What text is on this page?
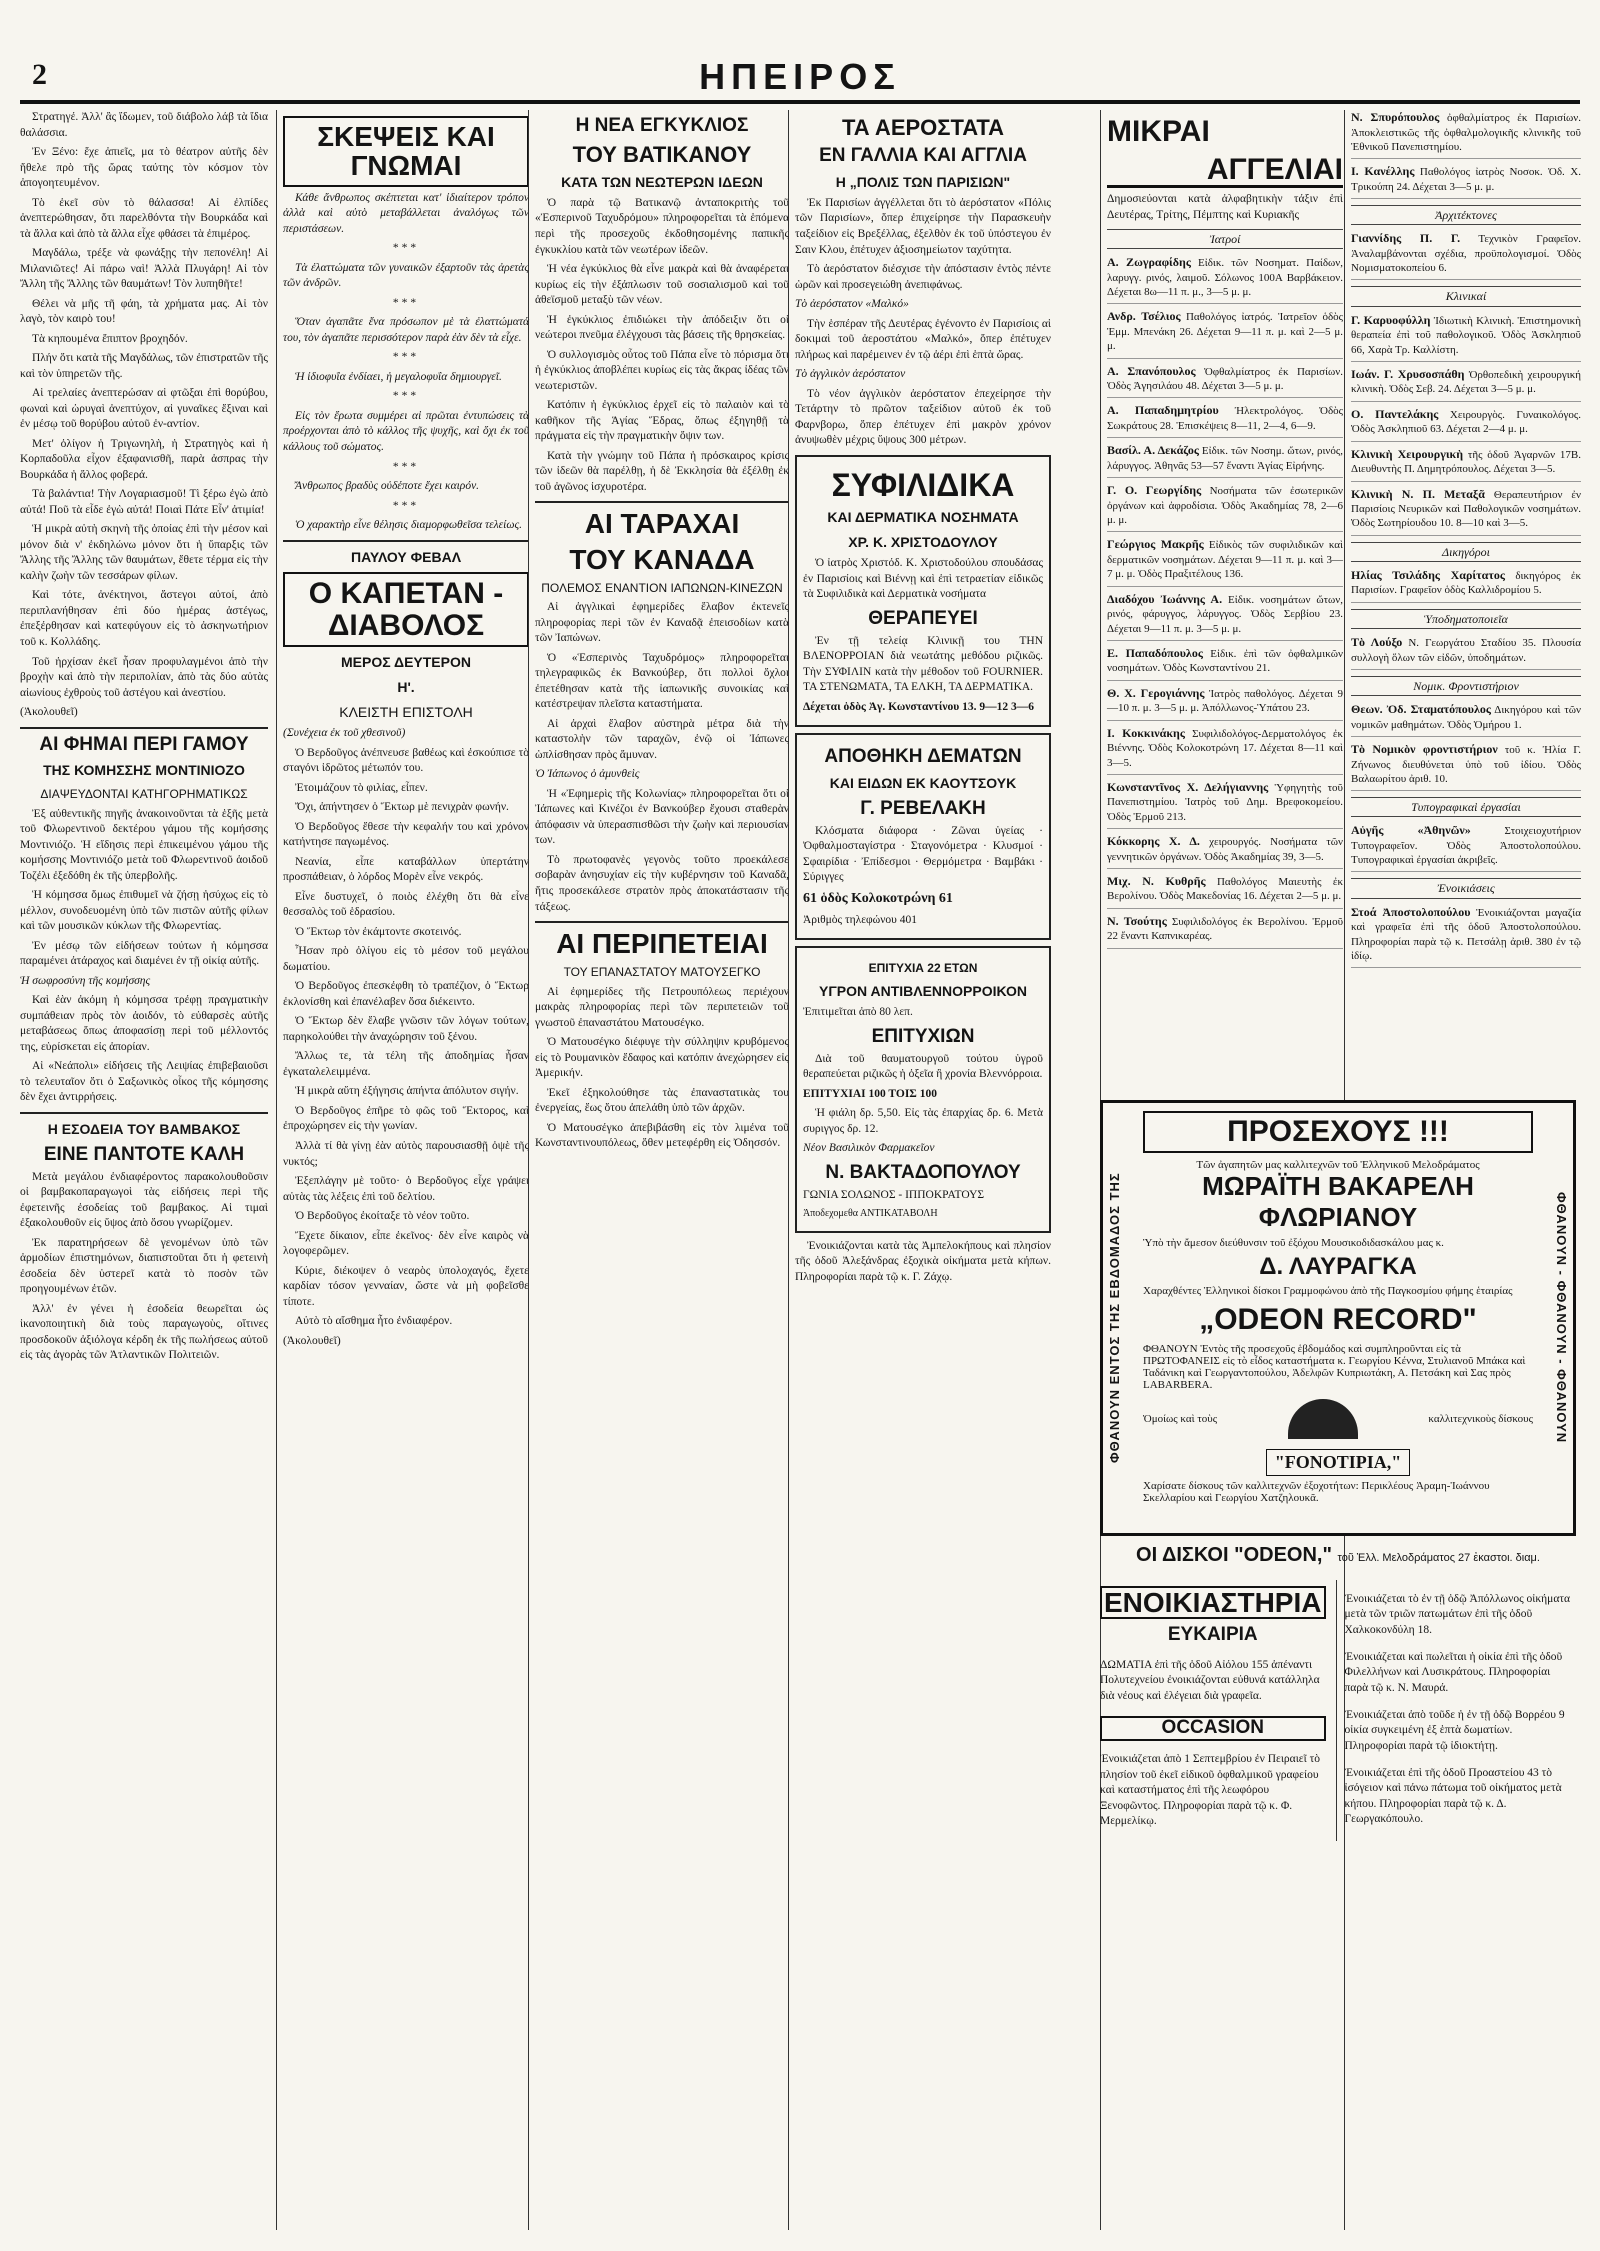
2	ΗΠΕΙΡΟΣ

Στρατηγέ. Ἀλλ' ἂς ἴδωμεν, τοῦ διάβολο λάβ τὰ ἴδια θαλάσσια.

Ἐν Ξένο: ἔχε ἀπιεῖς, μα τὸ θέατρον αὐτῆς δὲν ἤθελε πρὸ τῆς ὥρας ταύτης τὸν κόσμον τὸν ἀπογοητευμένον.

Τὸ ἐκεῖ σὺν τὸ θάλασσα! Αἱ ἐλπίδες ἀνεπτερώθησαν, ὅτι παρελθόντα τὴν Βουρκάδα καὶ τὰ ἄλλα καὶ ἀπὸ τὰ ἄλλα εἶχε φθάσει τὰ ἐπιμέρος.

Μαγδάλω, τρέξε νὰ φωνάξῃς τὴν πεπονέλη! Αἱ Μιλανιῶτες! Αἱ πάρω ναὶ! Ἀλλὰ Πλυγάρη! Αἱ τὸν Ἄλλη τῆς Ἄλλης τῶν θαυμάτων! Τὸν λυπηθῆτε!

Θέλει νὰ μῆς τῆ φάη, τὰ χρήματα μας. Αἱ τὸν λαγὸ, τὸν καιρὸ του!

Τὰ κηπουμένα ἔπιπτον βροχηδόν.

Πλήν ὅτι κατὰ τῆς Μαγδάλως, τῶν ἐπιστρατῶν τῆς καὶ τὸν ὑπηρετῶν τῆς.

Αἱ τρελαίες ἀνεπτερώσαν αἱ φτῶξαι ἐπὶ θορύβου, φωναὶ καὶ ὠρυγαὶ ἀνεπτύχον, αἱ γυναῖκες ἔξιναι καὶ ἐν μέσῳ τοῦ θορύβου αὐτοῦ ἐν-αντίον.

Μετ' ὀλίγον ἡ Τριγωνηλὴ, ἡ Στρατηγὸς καὶ ἡ Κορπαδοῦλα εἶχον ἐξαφανισθῆ, παρὰ ἀσπρας τὴν Βουρκάδα ἡ ἄλλος φοβερά.

Τὰ βαλάντια! Τὴν Λογαριασμοῦ! Τὶ ξέρω ἐγὼ ἀπὸ αὐτά! Ποῦ τὰ εἶδε ἐγὼ αὐτά! Ποιαὶ Πάτε Εἶν' ἀτιμία!

Ἡ μικρὰ αὐτὴ σκηνὴ τῆς ὁποίας ἐπὶ τὴν μέσον καὶ μόνον διὰ ν' ἐκδηλώνω μόνον ὅτι ἡ ὕπαρξις τῶν Ἄλλης τῆς Ἄλλης τῶν θαυμάτων, ἔθετε τέρμα εἰς τὴν καλὴν ζωὴν τῶν τεσσάρων φίλων.

Καὶ τότε, ἀνέκτηνοι, ἄστεγοι αὐτοί, ἀπὸ περιπλανήθησαν ἐπὶ δύο ἡμέρας ἀστέγως, ἐπεξέρθησαν καὶ κατεφύγουν εἰς τὸ ἀσκηνωτήριον τοῦ κ. Κολλάδης.

Τοῦ ἠρχίσαν ἐκεῖ ἦσαν προφυλαγμένοι ἀπὸ τὴν βροχὴν καὶ ἀπὸ τὴν περιπολίαν, ἀπὸ τὰς δύο αὐτὰς αἰωνίους ἐχθροὺς τοῦ ἀστέγου καὶ ἀνεστίου.

(Ἀκολουθεῖ)

ΑΙ ΦΗΜΑΙ ΠΕΡΙ ΓΑΜΟΥ
ΤΗΣ ΚΟΜΗΣΣΗΣ ΜΟΝΤΙΝΙΟΖΟ
ΔΙΑΨΕΥΔΟΝΤΑΙ ΚΑΤΗΓΟΡΗΜΑΤΙΚΩΣ

Ἐξ αὐθεντικῆς πηγῆς ἀνακοινοῦνται τὰ ἑξῆς μετὰ τοῦ Φλωρεντινοῦ δεκτέρου γάμου τῆς κομήσσης Μοντινιόζο. Ἡ εἴδησις περὶ ἐπικειμένου γάμου τῆς κομήσσης Μοντινιόζο μετὰ τοῦ Φλωρεντινοῦ ἀοιδοῦ Τοζέλι ἐξεδόθη ἐκ τῆς ὑπερβολῆς.

Ἡ κόμησσα ὅμως ἐπιθυμεῖ νὰ ζήσῃ ἡσύχως εἰς τὸ μέλλον, συνοδευομένη ὑπὸ τῶν πιστῶν αὐτῆς φίλων καὶ τῶν μουσικῶν κύκλων τῆς Φλωρεντίας.

Ἐν μέσῳ τῶν εἰδήσεων τούτων ἡ κόμησσα παραμένει ἀτάραχος καὶ διαμένει ἐν τῇ οἰκίᾳ αὐτῆς.

Ἡ σωφροσύνη τῆς κομήσσης

Καὶ ἐὰν ἀκόμη ἡ κόμησσα τρέφῃ πραγματικὴν συμπάθειαν πρὸς τὸν ἀοιδόν, τὸ εὐθαρσὲς αὐτῆς μεταβάσεως ὅπως ἀποφασίσῃ περὶ τοῦ μέλλοντός της, εὑρίσκεται εἰς ἀπορίαν.

Αἱ «Νεάπολι» εἰδήσεις τῆς Λειψίας ἐπιβεβαιοῦσι τὸ τελευταῖον ὅτι ὁ Σαξωνικὸς οἶκος τῆς κόμησσης δὲν ἔχει ἀντιρρήσεις.

Η ΕΣΟΔΕΙΑ ΤΟΥ ΒΑΜΒΑΚΟΣ
ΕΙΝΕ ΠΑΝΤΟΤΕ ΚΑΛΗ

Μετὰ μεγάλου ἐνδιαφέροντος παρακολουθοῦσιν οἱ βαμβακοπαραγωγοὶ τὰς εἰδήσεις περὶ τῆς ἐφετεινῆς ἐσοδείας τοῦ βαμβακος. Αἱ τιμαὶ ἐξακολουθοῦν εἰς ὕψος ἀπὸ ὅσου γνωρίζομεν.

Ἐκ παρατηρήσεων δὲ γενομένων ὑπὸ τῶν ἀρμοδίων ἐπιστημόνων, διαπιστοῦται ὅτι ἡ φετεινὴ ἐσοδεία δὲν ὑστερεῖ κατὰ τὸ ποσὸν τῶν προηγουμένων ἐτῶν.

Ἀλλ' ἐν γένει ἡ ἐσοδεία θεωρεῖται ὡς ἱκανοποιητικὴ διὰ τοὺς παραγωγοὺς, οἵτινες προσδοκοῦν ἀξιόλογα κέρδη ἐκ τῆς πωλήσεως αὐτοῦ εἰς τὰς ἀγορὰς τῶν Ἀτλαντικῶν Πολιτειῶν.

ΣΚΕΨΕΙΣ ΚΑΙ ΓΝΩΜΑΙ

Κάθε ἄνθρωπος σκέπτεται κατ' ἰδιαίτερον τρόπον ἀλλὰ καὶ αὐτὸ μεταβάλλεται ἀναλόγως τῶν περιστάσεων.

***

Τὰ ἐλαττώματα τῶν γυναικῶν ἐξαρτοῦν τὰς ἀρετὰς τῶν ἀνδρῶν.

***

Ὅταν ἀγαπᾶτε ἕνα πρόσωπον μὲ τὰ ἐλαττώματά του, τὸν ἀγαπᾶτε περισσότερον παρὰ ἐὰν δὲν τὰ εἶχε.

***

Ἡ ἰδιοφυΐα ἐνδίαει, ἡ μεγαλοφυΐα δημιουργεῖ.

***

Εἰς τὸν ἔρωτα συμμέρει αἱ πρῶται ἐντυπώσεις τὰ προέρχονται ἀπὸ τὸ κάλλος τῆς ψυχῆς, καὶ ὄχι ἐκ τοῦ κάλλους τοῦ σώματος.

***

Ἄνθρωπος βραδὺς οὐδέποτε ἔχει καιρόν.

***

Ὁ χαρακτὴρ εἶνε θέλησις διαμορφωθεῖσα τελείως.

ΠΑΥΛΟΥ ΦΕΒΑΛ
Ο ΚΑΠΕΤΑΝ - ΔΙΑΒΟΛΟΣ
ΜΕΡΟΣ ΔΕΥΤΕΡΟΝ
Η'.
ΚΛΕΙΣΤΗ ΕΠΙΣΤΟΛΗ

(Συνέχεια ἐκ τοῦ χθεσινοῦ)

Ὁ Βερδοῦγος ἀνέπνευσε βαθέως καὶ ἐσκούπισε τὸ σταγόνι ἱδρῶτος μέτωπόν του.

Ἐτοιμάζουν τὸ φιλίας, εἶπεν.

Ὄχι, ἀπήντησεν ὁ Ἕκτωρ μὲ πενιχρὰν φωνήν.

Ὁ Βερδοῦγος ἔθεσε τὴν κεφαλήν του καὶ χρόνον κατήντησε παγωμένος.

Νεανία, εἶπε καταβάλλων ὑπερτάτην προσπάθειαν, ὁ λόρδος Μορὲν εἶνε νεκρός.

Εἶνε δυστυχεῖ, ὁ ποιὸς ἐλέχθη ὅτι θὰ εἶνε θεσσαλὸς τοῦ ἑδρασίου.

Ὁ Ἕκτωρ τὸν ἐκάμτοντε σκοτεινός.

Ἦσαν πρὸ ὀλίγου εἰς τὸ μέσον τοῦ μεγάλου δωματίου.

Ὁ Βερδοῦγος ἐπεσκέφθη τὸ τραπέζιον, ὁ Ἕκτωρ ἐκλονίσθη καὶ ἐπανέλαβεν ὅσα διέκειντο.

Ὁ Ἕκτωρ δὲν ἔλαβε γνῶσιν τῶν λόγων τούτων, παρηκολούθει τὴν ἀναχώρησιν τοῦ ξένου.

Ἄλλως τε, τὰ τέλη τῆς ἀποδημίας ἦσαν ἐγκαταλελειμμένα.

Ἡ μικρὰ αὕτη ἐξήγησις ἀπήντα ἀπόλυτον σιγήν.

Ὁ Βερδοῦγος ἐπῆρε τὸ φῶς τοῦ Ἕκτορος, καὶ ἐπροχώρησεν εἰς τὴν γωνίαν.

Ἀλλὰ τί θὰ γίνῃ ἐὰν αὐτὸς παρουσιασθῇ ὀψὲ τῆς νυκτός;

Ἐξεπλάγην μὲ τοῦτο· ὁ Βερδοῦγος εἶχε γράψει αὐτὰς τὰς λέξεις ἐπὶ τοῦ δελτίου.

Ὁ Βερδοῦγος ἐκοίταξε τὸ νέον τοῦτο.

Ἔχετε δίκαιον, εἶπε ἐκεῖνος· δὲν εἶνε καιρὸς νὰ λογοφερῶμεν.

Κύριε, διέκοψεν ὁ νεαρὸς ὑπολοχαγός, ἔχετε καρδίαν τόσον γενναίαν, ὥστε νὰ μὴ φοβεῖσθε τίποτε.

Αὐτὸ τὸ αἴσθημα ἦτο ἐνδιαφέρον.

(Ἀκολουθεῖ)

Η ΝΕΑ ΕΓΚΥΚΛΙΟΣ
ΤΟΥ ΒΑΤΙΚΑΝΟΥ
ΚΑΤΑ ΤΩΝ ΝΕΩΤΕΡΩΝ ΙΔΕΩΝ

Ὁ παρὰ τῷ Βατικανῷ ἀνταποκριτὴς τοῦ «Ἐσπερινοῦ Ταχυδρόμου» πληροφορεῖται τὰ ἑπόμενα περὶ τῆς προσεχοῦς ἐκδοθησομένης παπικῆς ἐγκυκλίου κατὰ τῶν νεωτέρων ἰδεῶν.

Ἡ νέα ἐγκύκλιος θὰ εἶνε μακρὰ καὶ θὰ ἀναφέρεται κυρίως εἰς τὴν ἐξάπλωσιν τοῦ σοσιαλισμοῦ καὶ τοῦ ἀθεϊσμοῦ μεταξὺ τῶν νέων.

Ἡ ἐγκύκλιος ἐπιδιώκει τὴν ἀπόδειξιν ὅτι οἱ νεώτεροι πνεῦμα ἐλέγχουσι τὰς βάσεις τῆς θρησκείας.

Ὁ συλλογισμὸς οὗτος τοῦ Πάπα εἶνε τὸ πόρισμα ὅτι ἡ ἐγκύκλιος ἀποβλέπει κυρίως εἰς τὰς ἄκρας ἰδέας τῶν νεωτεριστῶν.

Κατόπιν ἡ ἐγκύκλιος ἐρχεῖ εἰς τὸ παλαιὸν καὶ τὸ καθῆκον τῆς Ἁγίας Ἕδρας, ὅπως ἐξηγηθῇ τὰ πράγματα εἰς τὴν πραγματικὴν ὄψιν των.

Κατὰ τὴν γνώμην τοῦ Πάπα ἡ πρόσκαιρος κρίσις τῶν ἰδεῶν θὰ παρέλθῃ, ἡ δὲ Ἐκκλησία θὰ ἐξέλθῃ ἐκ τοῦ ἀγῶνος ἰσχυροτέρα.

ΑΙ ΤΑΡΑΧΑΙ
ΤΟΥ ΚΑΝΑΔΑ
ΠΟΛΕΜΟΣ ΕΝΑΝΤΙΟΝ ΙΑΠΩΝΩΝ-ΚΙΝΕΖΩΝ

Αἱ ἀγγλικαὶ ἐφημερίδες ἔλαβον ἐκτενεῖς πληροφορίας περὶ τῶν ἐν Καναδᾷ ἐπεισοδίων κατὰ τῶν Ἰαπώνων.

Ὁ «Ἑσπερινὸς Ταχυδρόμος» πληροφορεῖται τηλεγραφικῶς ἐκ Βανκούβερ, ὅτι πολλοὶ ὄχλοι ἐπετέθησαν κατὰ τῆς ἰαπωνικῆς συνοικίας καὶ κατέστρεψαν πλεῖστα καταστήματα.

Αἱ ἀρχαὶ ἔλαβον αὐστηρὰ μέτρα διὰ τὴν καταστολὴν τῶν ταραχῶν, ἐνῷ οἱ Ἰάπωνες ὡπλίσθησαν πρὸς ἄμυναν.

Ὁ Ἰάπωνος ὁ ἀμυνθεὶς

Ἡ «Ἐφημερὶς τῆς Κολωνίας» πληροφορεῖται ὅτι οἱ Ἰάπωνες καὶ Κινέζοι ἐν Βανκούβερ ἔχουσι σταθερὰν ἀπόφασιν νὰ ὑπερασπισθῶσι τὴν ζωὴν καὶ περιουσίαν των.

Τὸ πρωτοφανὲς γεγονὸς τοῦτο προεκάλεσε σοβαρὰν ἀνησυχίαν εἰς τὴν κυβέρνησιν τοῦ Καναδᾶ, ἥτις προσεκάλεσε στρατὸν πρὸς ἀποκατάστασιν τῆς τάξεως.

ΑΙ ΠΕΡΙΠΕΤΕΙΑΙ
ΤΟΥ ΕΠΑΝΑΣΤΑΤΟΥ ΜΑΤΟΥΣΕΓΚΟ

Αἱ ἐφημερίδες τῆς Πετρουπόλεως περιέχουν μακρὰς πληροφορίας περὶ τῶν περιπετειῶν τοῦ γνωστοῦ ἐπαναστάτου Ματουσέγκο.

Ὁ Ματουσέγκο διέφυγε τὴν σύλληψιν κρυβόμενος εἰς τὸ Ρουμανικὸν ἔδαφος καὶ κατόπιν ἀνεχώρησεν εἰς Ἀμερικήν.

Ἐκεῖ ἐξηκολούθησε τὰς ἐπαναστατικὰς του ἐνεργείας, ἕως ὅτου ἀπελάθη ὑπὸ τῶν ἀρχῶν.

Ὁ Ματουσέγκο ἀπεβιβάσθη εἰς τὸν λιμένα τοῦ Κωνσταντινουπόλεως, ὅθεν μετεφέρθη εἰς Ὀδησσόν.

ΤΑ ΑΕΡΟΣΤΑΤΑ
ΕΝ ΓΑΛΛΙΑ ΚΑΙ ΑΓΓΛΙΑ
Η „ΠΟΛΙΣ ΤΩΝ ΠΑΡΙΣΙΩΝ"

Ἐκ Παρισίων ἀγγέλλεται ὅτι τὸ ἀερόστατον «Πόλις τῶν Παρισίων», ὅπερ ἐπιχείρησε τὴν Παρασκευὴν ταξείδιον εἰς Βρεξέλλας, ἐξελθὸν ἐκ τοῦ ὑπόστεγου ἐν Σαιν Κλου, ἐπέτυχεν ἀξιοσημείωτον ταχύτητα.

Τὸ ἀερόστατον διέσχισε τὴν ἀπόστασιν ἐντὸς πέντε ὡρῶν καὶ προσεγειώθη ἀνεπιφάνως.

Τὸ ἀερόστατον «Μαλκό»

Τὴν ἑσπέραν τῆς Δευτέρας ἐγένοντο ἐν Παρισίοις αἱ δοκιμαὶ τοῦ ἀεροστάτου «Μαλκό», ὅπερ ἐπέτυχεν πλήρως καὶ παρέμεινεν ἐν τῷ ἀέρι ἐπὶ ἑπτὰ ὥρας.

Τὸ ἀγγλικὸν ἀερόστατον

Τὸ νέον ἀγγλικὸν ἀερόστατον ἐπεχείρησε τὴν Τετάρτην τὸ πρῶτον ταξείδιον αὐτοῦ ἐκ τοῦ Φαρνβορω, ὅπερ ἐπέτυχεν ἐπὶ μακρὸν χρόνον ἀνυψωθὲν μέχρις ὕψους 300 μέτρων.

ΣΥΦΙΛΙΔΙΚΑ
ΚΑΙ ΔΕΡΜΑΤΙΚΑ ΝΟΣΗΜΑΤΑ
ΧΡ. Κ. ΧΡΙΣΤΟΔΟΥΛΟΥ

Ὁ ἰατρὸς Χριστόδ. Κ. Χριστοδούλου σπουδάσας ἐν Παρισίοις καὶ Βιέννῃ καὶ ἐπὶ τετραετίαν εἰδικῶς τὰ Συφιλιδικὰ καὶ Δερματικὰ νοσήματα

ΘΕΡΑΠΕΥΕΙ

Ἐν τῇ τελείᾳ Κλινικῇ του ΤΗΝ ΒΛΕΝΟΡΡΟΙΑΝ διὰ νεωτάτης μεθόδου ριζικῶς. Τὴν ΣΥΦΙΛΙΝ κατὰ τὴν μέθοδον τοῦ FOURNIER. ΤΑ ΣΤΕΝΩΜΑΤΑ, ΤΑ ΕΛΚΗ, ΤΑ ΔΕΡΜΑΤΙΚΑ.

Δέχεται ὁδὸς Ἁγ. Κωνσταντίνου 13. 9—12 3—6

ΑΠΟΘΗΚΗ ΔΕΜΑΤΩΝ
ΚΑΙ ΕΙΔΩΝ ΕΚ ΚΑΟΥΤΣΟΥΚ
Γ. ΡΕΒΕΛΑΚΗ

Κλόσματα διάφορα · Ζῶναι ὑγείας · Ὀφθαλμοσταγίστρα · Σταγονόμετρα · Κλυσμοί · Σφαιρίδια · Ἐπίδεσμοι · Θερμόμετρα · Βαμβάκι · Σύριγγες

61 ὁδὸς Κολοκοτρώνη 61

Ἀριθμὸς τηλεφώνου 401

ΕΠΙΤΥΧΙΑ 22 ΕΤΩΝ
ΥΓΡΟΝ ΑΝΤΙΒΛΕΝΝΟΡΡΟΙΚΟΝ

Ἐπιτιμεῖται ἀπὸ 80 λεπ.

ΕΠΙΤΥΧΙΩΝ

Διὰ τοῦ θαυματουργοῦ τούτου ὑγροῦ θεραπεύεται ριζικῶς ἡ ὀξεῖα ἢ χρονία Βλεννόρροια.

ΕΠΙΤΥΧΙΑΙ 100 ΤΟΙΣ 100

Ἡ φιάλη δρ. 5,50. Εἰς τὰς ἐπαρχίας δρ. 6. Μετὰ συριγγος δρ. 12.

Νέον Βασιλικὸν Φαρμακεῖον

Ν. ΒΑΚΤΑΔΟΠΟΥΛΟΥ

ΓΩΝΙΑ ΣΟΛΩΝΟΣ - ΙΠΠΟΚΡΑΤΟΥΣ

Ἀποδεχομεθα ΑΝΤΙΚΑΤΑΒΟΛΗ

Ἐνοικιάζονται κατὰ τὰς Ἀμπελοκήπους καὶ πλησίον τῆς ὁδοῦ Ἀλεξάνδρας ἐξοχικὰ οἰκήματα μετὰ κήπων. Πληροφορίαι παρὰ τῷ κ. Γ. Ζάχῳ.

ΜΙΚΡΑΙ
ΑΓΓΕΛΙΑΙ

Δημοσιεύονται κατὰ ἀλφαβητικὴν τάξιν ἐπὶ Δευτέρας, Τρίτης, Πέμπτης καὶ Κυριακῆς

Ἰατροί
Α. Ζωγραφίδης Εἰδικ. τῶν Νοσηματ. Παίδων, λαρυγγ. ρινός, λαιμοῦ. Σόλωνος 100Α Βαρβάκειον. Δέχεται 8ω—11 π. μ., 3—5 μ. μ.
Ανδρ. Τσέλιος Παθολόγος ἰατρός. Ἰατρεῖον ὁδὸς Ἐμμ. Μπενάκη 26. Δέχεται 9—11 π. μ. καὶ 2—5 μ. μ.
Α. Σπανόπουλος Ὀφθαλμίατρος ἐκ Παρισίων. Ὁδὸς Ἀγησιλάου 48. Δέχεται 3—5 μ. μ.
Α. Παπαδημητρίου Ἠλεκτρολόγος. Ὁδὸς Σωκράτους 28. Ἐπισκέψεις 8—11, 2—4, 6—9.
Βασίλ. Α. Δεκάζος Εἰδικ. τῶν Νοσημ. ὤτων, ρινός, λάρυγγος. Ἀθηνᾶς 53—57 ἔναντι Ἁγίας Εἰρήνης.
Γ. Ο. Γεωργίδης Νοσήματα τῶν ἐσωτερικῶν ὀργάνων καὶ ἀφροδίσια. Ὁδὸς Ἀκαδημίας 78, 2—6 μ. μ.
Γεώργιος Μακρῆς Εἰδικὸς τῶν συφιλιδικῶν καὶ δερματικῶν νοσημάτων. Δέχεται 9—11 π. μ. καὶ 3—7 μ. μ. Ὁδὸς Πραξιτέλους 136.
Διαδόχου Ἰωάννης Α. Εἰδικ. νοσημάτων ὤτων, ρινός, φάρυγγος, λάρυγγος. Ὁδὸς Σερβίου 23. Δέχεται 9—11 π. μ. 3—5 μ. μ.
Ε. Παπαδόπουλος Εἰδικ. ἐπὶ τῶν ὀφθαλμικῶν νοσημάτων. Ὁδὸς Κωνσταντίνου 21.
Θ. Χ. Γερογιάννης Ἰατρὸς παθολόγος. Δέχεται 9—10 π. μ. 3—5 μ. μ. Ἀπόλλωνος-Ὑπάτου 23.
Ι. Κοκκινάκης Συφιλιδολόγος-Δερματολόγος ἐκ Βιέννης. Ὁδὸς Κολοκοτρώνη 17. Δέχεται 8—11 καὶ 3—5.
Κωνσταντῖνος Χ. Δελήγιαννης Ὑφηγητὴς τοῦ Πανεπιστημίου. Ἰατρὸς τοῦ Δημ. Βρεφοκομείου. Ὁδὸς Ἑρμοῦ 213.
Κόκκορης Χ. Δ. χειρουργός. Νοσήματα τῶν γεννητικῶν ὀργάνων. Ὁδὸς Ἀκαδημίας 39, 3—5.
Μιχ. Ν. Κυθρῆς Παθολόγος Μαιευτὴς ἐκ Βερολίνου. Ὁδὸς Μακεδονίας 16. Δέχεται 2—5 μ. μ.
Ν. Τσούτης Συφιλιδολόγος ἐκ Βερολίνου. Ἑρμοῦ 22 ἔναντι Καπνικαρέας.
Ν. Σπυρόπουλος ὀφθαλμίατρος ἐκ Παρισίων. Ἀποκλειστικῶς τῆς ὀφθαλμολογικῆς κλινικῆς τοῦ Ἐθνικοῦ Πανεπιστημίου.
Ι. Κανέλλης Παθολόγος ἰατρὸς Νοσοκ. Ὁδ. Χ. Τρικούπη 24. Δέχεται 3—5 μ. μ.
Ἀρχιτέκτονες
Γιαννίδης Π. Γ. Τεχνικὸν Γραφεῖον. Ἀναλαμβάνονται σχέδια, προϋπολογισμοί. Ὁδὸς Νομισματοκοπείου 6.
Κλινικαί
Γ. Καρυοφύλλη Ἰδιωτικὴ Κλινικὴ. Ἐπιστημονικὴ θεραπεία ἐπὶ τοῦ παθολογικοῦ. Ὁδὸς Ἀσκληπιοῦ 66, Χαρὰ Τρ. Καλλίστη.
Ιωάν. Γ. Χρυσοσπάθη Ὀρθοπεδικὴ χειρουργική κλινικὴ. Ὁδὸς Σεβ. 24. Δέχεται 3—5 μ. μ.
Ο. Παντελάκης Χειρουργὸς. Γυναικολόγος. Ὁδὸς Ἀσκληπιοῦ 63. Δέχεται 2—4 μ. μ.
Κλινικὴ Χειρουργικὴ τῆς ὁδοῦ Ἀγαρνῶν 17Β. Διευθυντὴς Π. Δημητρόπουλος. Δέχεται 3—5.
Κλινικὴ Ν. Π. Μεταξᾶ Θεραπευτήριον ἐν Παρισίοις Νευρικῶν καὶ Παθολογικῶν νοσημάτων. Ὁδὸς Σωτηρίουδου 10. 8—10 καὶ 3—5.
Δικηγόροι
Ηλίας Τσιλάδης Χαρίτατος δικηγόρος ἐκ Παρισίων. Γραφεῖον ὁδὸς Καλλιδρομίου 5.
Ὑποδηματοποιεῖα
Τὸ Λούξο Ν. Γεωργάτου Σταδίου 35. Πλουσία συλλογὴ ὅλων τῶν εἰδῶν, ὑποδημάτων.
Νομικ. Φροντιστήριον
Θεων. Ὀδ. Σταματόπουλος Δικηγόρου καὶ τῶν νομικῶν μαθημάτων. Ὁδὸς Ὁμήρου 1.
Τὸ Νομικὸν φροντιστήριον τοῦ κ. Ἠλία Γ. Ζήνωνος διευθύνεται ὑπὸ τοῦ ἰδίου. Ὁδὸς Βαλαωρίτου ἀριθ. 10.
Τυπογραφικαὶ ἐργασίαι
Αὐγῆς «Ἀθηνῶν»	Στοιχειοχυτήριον Τυπογραφεῖον. Ὁδὸς Ἀποστολοπούλου. Τυπογραφικαὶ ἐργασίαι ἀκριβεῖς.
Ἐνοικιάσεις
Στοά Ἀποστολοπούλου Ἐνοικιάζονται μαγαζία καὶ γραφεῖα ἐπὶ τῆς ὁδοῦ Ἀποστολοπούλου. Πληροφορίαι παρὰ τῷ κ. Πετσάλῃ ἀριθ. 380 ἐν τῷ ἰδίῳ.
ΦΘΑΝΟΥΝ ΕΝΤΟΣ ΤΗΣ ΕΒΔΟΜΑΔΟΣ ΤΗΣ	ΦΘΑΝΟΥΝ - ΦΘΑΝΟΥΝ - ΦΘΑΝΟΥΝ
ΠΡΟΣΕΧΟΥΣ !!!
Τῶν ἀγαπητῶν μας καλλιτεχνῶν τοῦ Ἑλληνικοῦ Μελοδράματος
ΜΩΡΑΪΤΗ ΒΑΚΑΡΕΛΗ ΦΛΩΡΙΑΝΟΥ
Ὑπὸ τὴν ἄμεσον διεύθυνσιν τοῦ ἐξόχου Μουσικοδιδασκάλου μας κ.
Δ. ΛΑΥΡΑΓΚΑ
Χαραχθέντες Ἑλληνικοὶ δίσκοι Γραμμοφώνου ἀπὸ τῆς Παγκοσμίου φήμης ἑταιρίας
„ODEON RECORD"
ΦΘΑΝΟΥΝ Ἐντὸς τῆς προσεχοῦς ἑβδομάδος καὶ συμπληροῦνται εἰς τὰ ΠΡΩΤΟΦΑΝΕΙΣ εἰς τὸ εἶδος καταστήματα κ. Γεωργίου Κέννα, Στυλιανοῦ Μπάκα καὶ Ταδάνικη καὶ Γεωργαντοπούλου, Ἀδελφῶν Κυπριωτάκη, Α. Πετσάκη καὶ Σας πρὸς LABARBERA.
Ὁμοίως καὶ τοὺς	καλλιτεχνικοὺς δίσκους
"FONOTIPIA,"
Χαρίσατε δίσκους τῶν καλλιτεχνῶν ἐξοχοτήτων: Περικλέους Ἀραμη-Ἰωάννου Σκελλαρίου καὶ Γεωργίου Χατζηλουκᾶ.
ΟΙ ΔΙΣΚΟΙ "ODEON," τοῦ Ἑλλ. Μελοδράματος 27 ἐκαστοι. διαμ.
ΕΝΟΙΚΙΑΣΤΗΡΙΑ
ΕΥΚΑΙΡΙΑ

ΔΩΜΑΤΙΑ ἐπὶ τῆς ὁδοῦ Αἰόλου 155 ἀπέναντι Πολυτεχνείου ἐνοικιάζονται εὐθυνά κατάλληλα διὰ νέους καὶ ἐλέγειαι διὰ γραφεῖα.

OCCASION

Ἐνοικιάζεται ἀπὸ 1 Σεπτεμβρίου ἐν Πειραιεῖ τὸ πλησίον τοῦ ἐκεῖ εἰδικοῦ ὁφθαλμικοῦ γραφείου καὶ καταστήματος ἐπὶ τῆς λεωφόρου Ξενοφῶντος. Πληροφορίαι παρὰ τῷ κ. Φ. Μερμελίκῳ.

Ἐνοικιάζεται τὸ ἐν τῇ ὁδῷ Ἀπόλλωνος οἰκήματα μετὰ τῶν τριῶν πατωμάτων ἐπὶ τῆς ὁδοῦ Χαλκοκονδύλη 18.

Ἐνοικιάζεται καὶ πωλεῖται ἡ οἰκία ἐπὶ τῆς ὁδοῦ Φιλελλήνων καὶ Λυσικράτους. Πληροφορίαι παρὰ τῷ κ. Ν. Μαυρά.

Ἐνοικιάζεται ἀπὸ τοῦδε ἡ ἐν τῇ ὁδῷ Βορρέου 9 οἰκία συγκειμένη ἐξ ἑπτὰ δωματίων. Πληροφορίαι παρὰ τῷ ἰδιοκτήτῃ.

Ἐνοικιάζεται ἐπὶ τῆς ὁδοῦ Προαστείου 43 τὸ ἰσόγειον καὶ πάνω πάτωμα τοῦ οἰκήματος μετὰ κήπου. Πληροφορίαι παρὰ τῷ κ. Δ. Γεωργακόπουλο.
